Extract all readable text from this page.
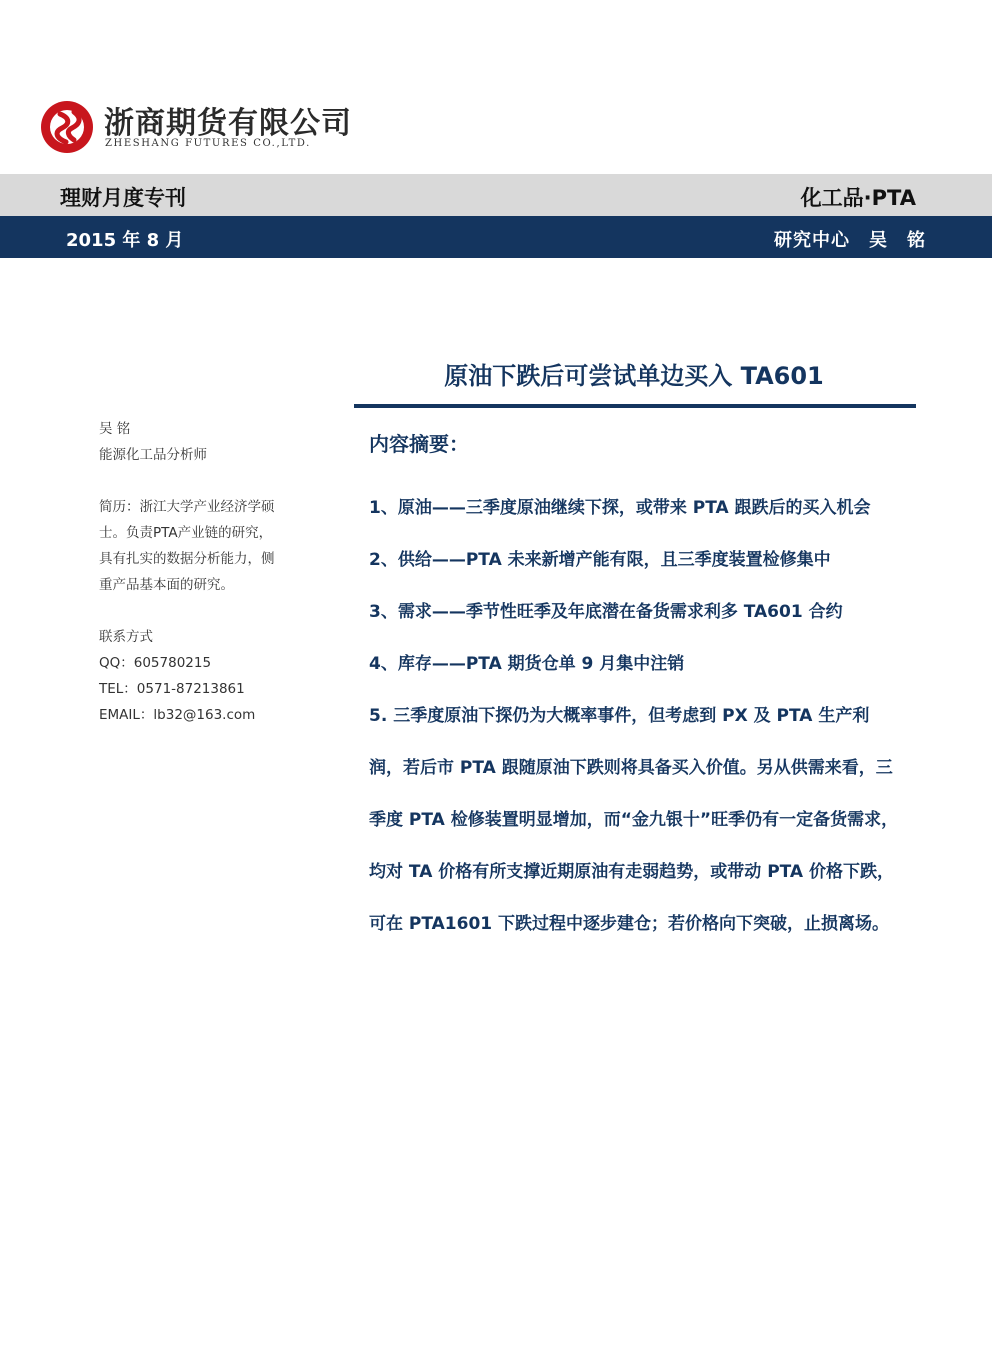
浙商期货有限公司
ZHESHANG FUTURES CO.,LTD.
理财月度专刊	化工品·PTA
2015 年 8 月	研究中心　吴　铭
原油下跌后可尝试单边买入 TA601
吴 铭
能源化工品分析师
简历：浙江大学产业经济学硕
士。负责PTA产业链的研究，
具有扎实的数据分析能力，侧
重产品基本面的研究。
联系方式
QQ：605780215
TEL：0571-87213861
EMAIL：lb32@163.com
内容摘要：

1、原油——三季度原油继续下探，或带来 PTA 跟跌后的买入机会

2、供给——PTA 未来新增产能有限，且三季度装置检修集中

3、需求——季节性旺季及年底潜在备货需求利多 TA601 合约

4、库存——PTA 期货仓单 9 月集中注销

5. 三季度原油下探仍为大概率事件，但考虑到 PX 及 PTA 生产利润，若后市 PTA 跟随原油下跌则将具备买入价值。另从供需来看，三季度 PTA 检修装置明显增加，而“金九银十”旺季仍有一定备货需求，均对 TA 价格有所支撑近期原油有走弱趋势，或带动 PTA 价格下跌，可在 PTA1601 下跌过程中逐步建仓；若价格向下突破，止损离场。
